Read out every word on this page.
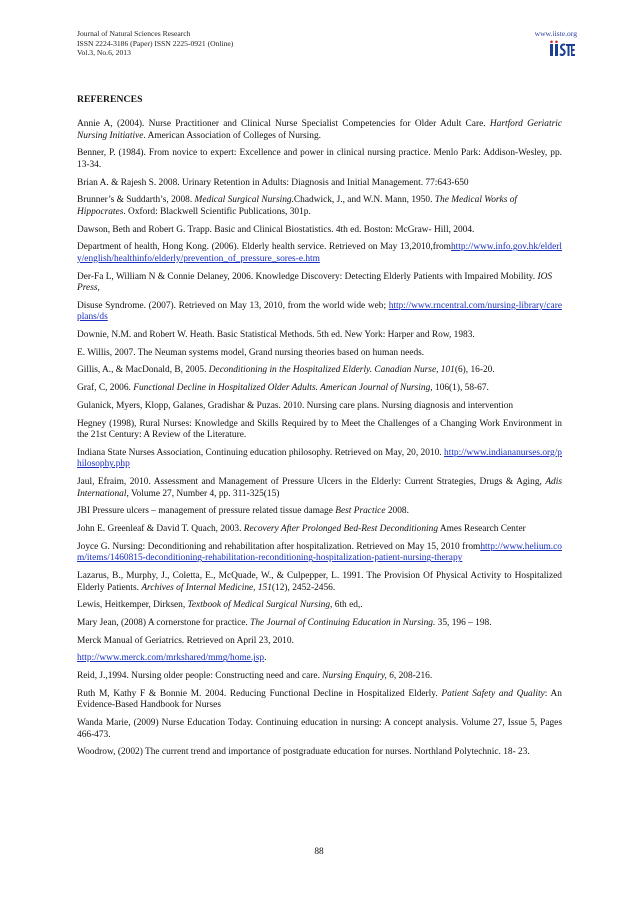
Journal of Natural Sciences Research
ISSN 2224-3186 (Paper) ISSN 2225-0921 (Online)
Vol.3, No.6, 2013
www.iiste.org
REFERENCES

Annie A, (2004). Nurse Practitioner and Clinical Nurse Specialist Competencies for Older Adult Care. Hartford Geriatric Nursing Initiative. American Association of Colleges of Nursing.

Benner, P. (1984). From novice to expert: Excellence and power in clinical nursing practice. Menlo Park: Addison-Wesley, pp. 13-34.

Brian A. & Rajesh S. 2008. Urinary Retention in Adults: Diagnosis and Initial Management. 77:643-650

Brunner’s & Suddarth’s, 2008. Medical Surgical Nursing.Chadwick, J., and W.N. Mann, 1950. The Medical Works of Hippocrates. Oxford: Blackwell Scientific Publications, 301p.

Dawson, Beth and Robert G. Trapp. Basic and Clinical Biostatistics. 4th ed. Boston: McGraw- Hill, 2004.

Department of health, Hong Kong. (2006). Elderly health service. Retrieved on May 13,2010,fromhttp://www.info.gov.hk/elderly/english/healthinfo/elderly/prevention_of_pressure_sores-e.htm

Der-Fa L, William N & Connie Delaney, 2006. Knowledge Discovery: Detecting Elderly Patients with Impaired Mobility. IOS Press,

Disuse Syndrome. (2007). Retrieved on May 13, 2010, from the world wide web; http://www.rncentral.com/nursing-library/careplans/ds

Downie, N.M. and Robert W. Heath. Basic Statistical Methods. 5th ed. New York: Harper and Row, 1983.

E. Willis, 2007. The Neuman systems model, Grand nursing theories based on human needs.

Gillis, A., & MacDonald, B, 2005. Deconditioning in the Hospitalized Elderly. Canadian Nurse, 101(6), 16-20.

Graf, C, 2006. Functional Decline in Hospitalized Older Adults. American Journal of Nursing, 106(1), 58-67.

Gulanick, Myers, Klopp, Galanes, Gradishar & Puzas. 2010. Nursing care plans. Nursing diagnosis and intervention

Hegney (1998), Rural Nurses: Knowledge and Skills Required by to Meet the Challenges of a Changing Work Environment in the 21st Century: A Review of the Literature.

Indiana State Nurses Association, Continuing education philosophy. Retrieved on May, 20, 2010. http://www.indiananurses.org/philosophy.php

Jaul, Efraim, 2010. Assessment and Management of Pressure Ulcers in the Elderly: Current Strategies, Drugs & Aging, Adis International, Volume 27, Number 4, pp. 311-325(15)

JBI Pressure ulcers – management of pressure related tissue damage Best Practice 2008.

John E. Greenleaf & David T. Quach, 2003. Recovery After Prolonged Bed-Rest Deconditioning Ames Research Center

Joyce G. Nursing: Deconditioning and rehabilitation after hospitalization. Retrieved on May 15, 2010 fromhttp://www.helium.com/items/1460815-deconditioning-rehabilitation-reconditioning-hospitalization-patient-nursing-therapy

Lazarus, B., Murphy, J., Coletta, E., McQuade, W., & Culpepper, L. 1991. The Provision Of Physical Activity to Hospitalized Elderly Patients. Archives of Internal Medicine, 151(12), 2452-2456.

Lewis, Heitkemper, Dirksen, Textbook of Medical Surgical Nursing, 6th ed,.

Mary Jean, (2008) A cornerstone for practice. The Journal of Continuing Education in Nursing. 35, 196 – 198.

Merck Manual of Geriatrics. Retrieved on April 23, 2010.

http://www.merck.com/mrkshared/mmg/home.jsp.

Reid, J.,1994. Nursing older people: Constructing need and care. Nursing Enquiry, 6, 208-216.

Ruth M, Kathy F & Bonnie M. 2004. Reducing Functional Decline in Hospitalized Elderly. Patient Safety and Quality: An Evidence-Based Handbook for Nurses

Wanda Marie, (2009) Nurse Education Today. Continuing education in nursing: A concept analysis. Volume 27, Issue 5, Pages 466-473.

Woodrow, (2002) The current trend and importance of postgraduate education for nurses. Northland Polytechnic. 18- 23.

88
